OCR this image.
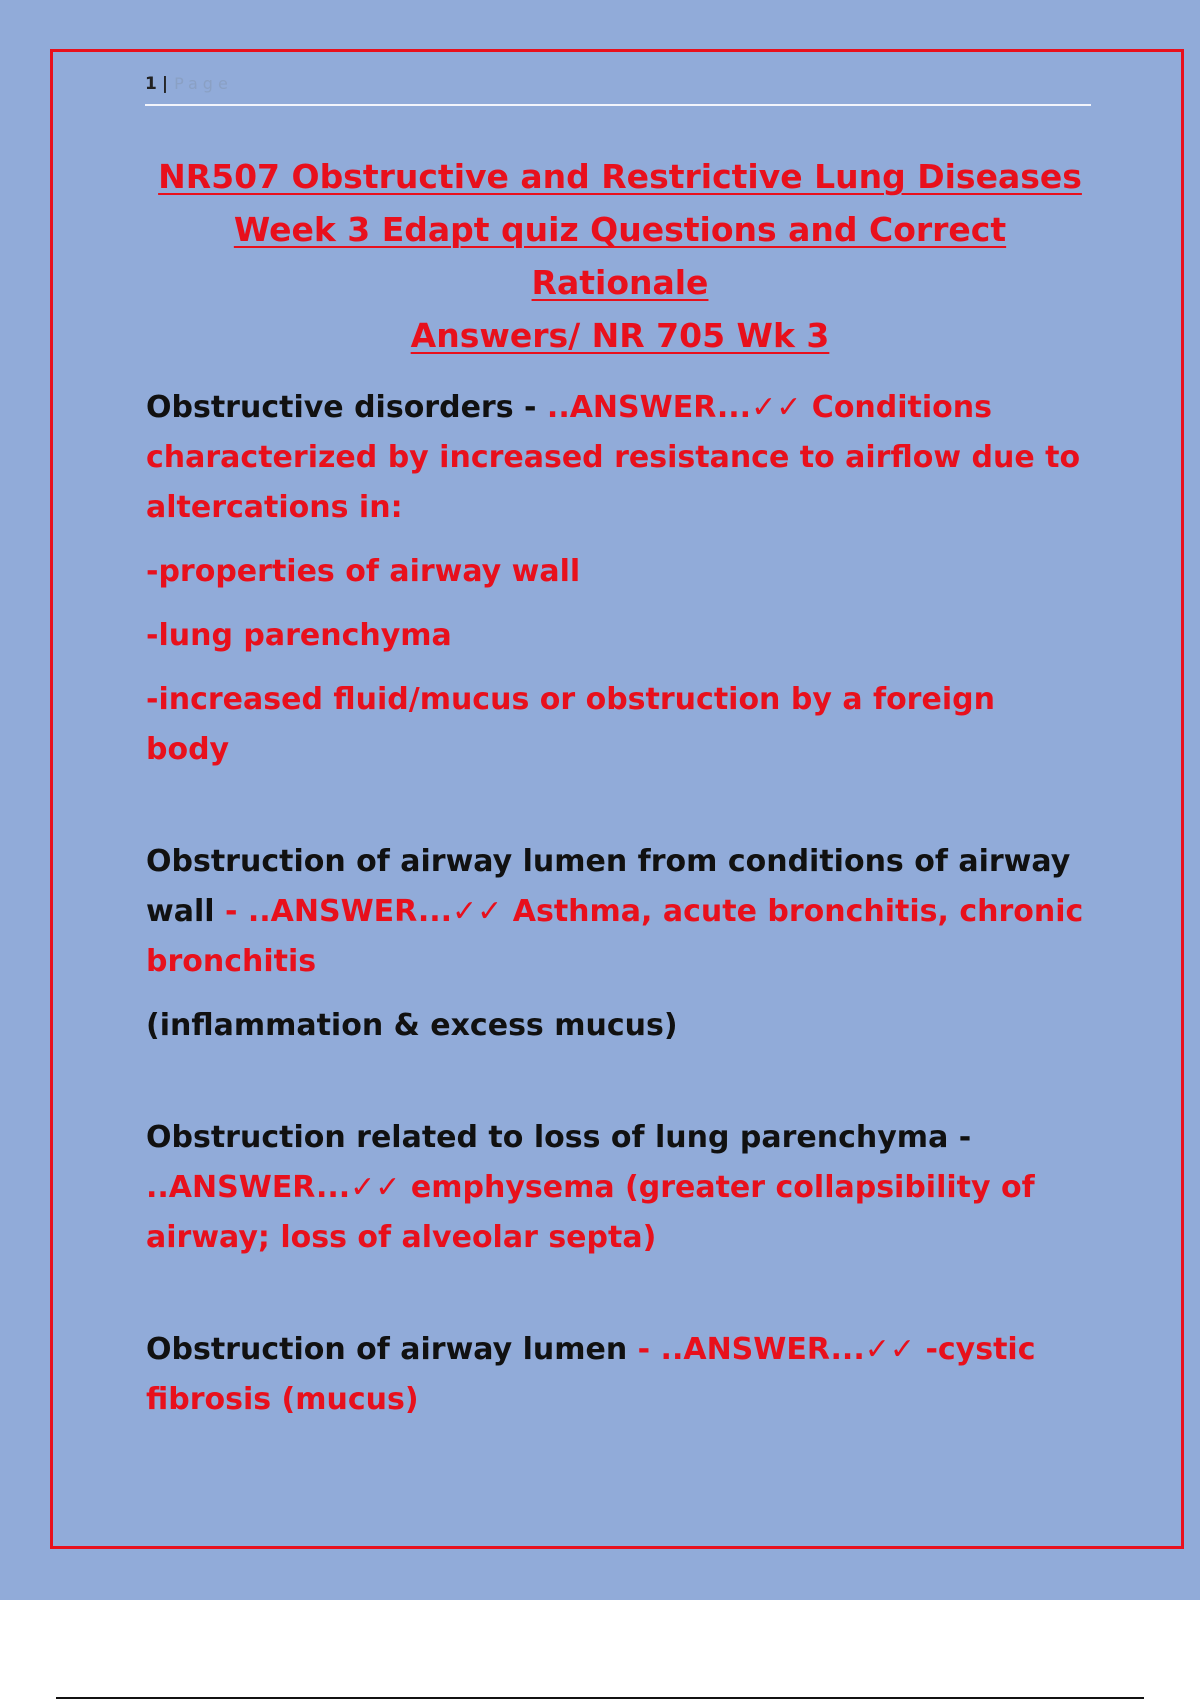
1 | Page
NR507 Obstructive and Restrictive Lung Diseases
Week 3 Edapt quiz Questions and Correct Rationale
Answers/ NR 705 Wk 3

Obstructive disorders - ..ANSWER...✓✓ Conditions characterized by increased resistance to airflow due to altercations in:

-properties of airway wall

-lung parenchyma

-increased fluid/mucus or obstruction by a foreign body

Obstruction of airway lumen from conditions of airway wall - ..ANSWER...✓✓ Asthma, acute bronchitis, chronic bronchitis

(inflammation & excess mucus)

Obstruction related to loss of lung parenchyma - ..ANSWER...✓✓ emphysema (greater collapsibility of airway; loss of alveolar septa)

Obstruction of airway lumen - ..ANSWER...✓✓ -cystic fibrosis (mucus)
